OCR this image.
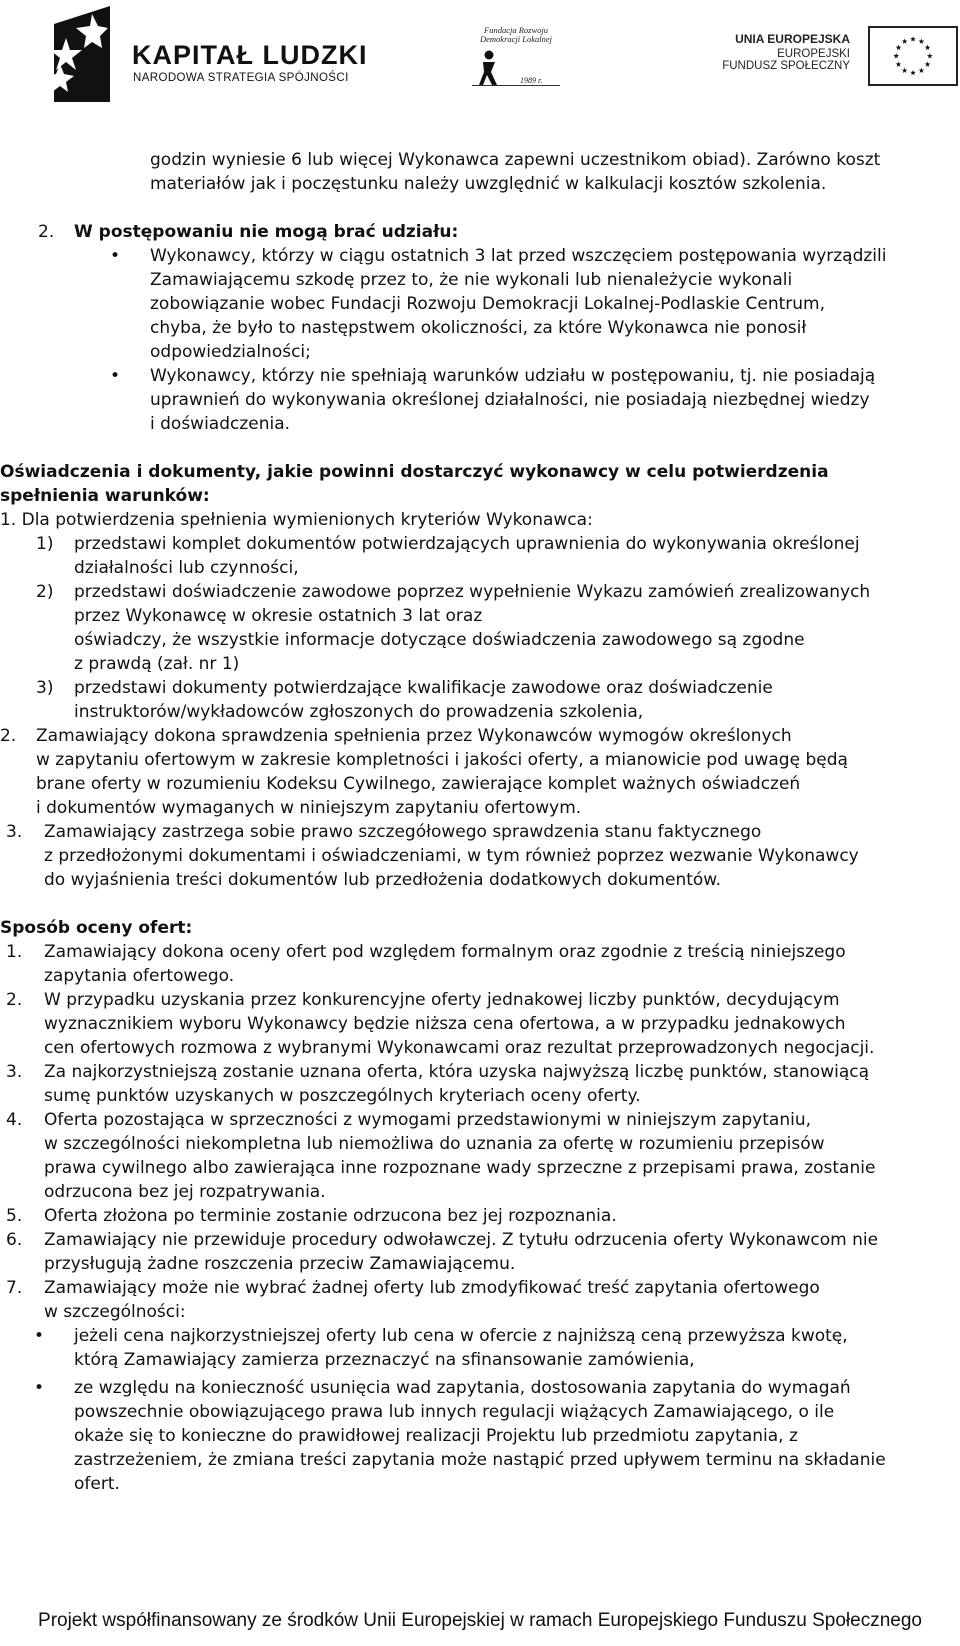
KAPITAŁ LUDZKI
NARODOWA STRATEGIA SPÓJNOŚCI
Fundacja Rozwoju Demokracji Lokalnej
1989 r.
UNIA EUROPEJSKA
EUROPEJSKI
FUNDUSZ SPOŁECZNY
godzin wyniesie 6 lub więcej Wykonawca zapewni uczestnikom obiad). Zarówno koszt
materiałów jak i poczęstunku należy uwzględnić w kalkulacji kosztów szkolenia.
2. W postępowaniu nie mogą brać udziału:
• Wykonawcy, którzy w ciągu ostatnich 3 lat przed wszczęciem postępowania wyrządzili
Zamawiającemu szkodę przez to, że nie wykonali lub nienależycie wykonali
zobowiązanie wobec Fundacji Rozwoju Demokracji Lokalnej-Podlaskie Centrum,
chyba, że było to następstwem okoliczności, za które Wykonawca nie ponosił
odpowiedzialności;
• Wykonawcy, którzy nie spełniają warunków udziału w postępowaniu, tj. nie posiadają
uprawnień do wykonywania określonej działalności, nie posiadają niezbędnej wiedzy
i doświadczenia.
Oświadczenia i dokumenty, jakie powinni dostarczyć wykonawcy w celu potwierdzenia
spełnienia warunków:
1. Dla potwierdzenia spełnienia wymienionych kryteriów Wykonawca:
1) przedstawi komplet dokumentów potwierdzających uprawnienia do wykonywania określonej
działalności lub czynności,
2) przedstawi doświadczenie zawodowe poprzez wypełnienie Wykazu zamówień zrealizowanych
przez Wykonawcę w okresie ostatnich 3 lat oraz
oświadczy, że wszystkie informacje dotyczące doświadczenia zawodowego są zgodne
z prawdą (zał. nr 1)
3) przedstawi dokumenty potwierdzające kwalifikacje zawodowe oraz doświadczenie
instruktorów/wykładowców zgłoszonych do prowadzenia szkolenia,
2. Zamawiający dokona sprawdzenia spełnienia przez Wykonawców wymogów określonych
w zapytaniu ofertowym w zakresie kompletności i jakości oferty, a mianowicie pod uwagę będą
brane oferty w rozumieniu Kodeksu Cywilnego, zawierające komplet ważnych oświadczeń
i dokumentów wymaganych w niniejszym zapytaniu ofertowym.
3. Zamawiający zastrzega sobie prawo szczegółowego sprawdzenia stanu faktycznego
z przedłożonymi dokumentami i oświadczeniami, w tym również poprzez wezwanie Wykonawcy
do wyjaśnienia treści dokumentów lub przedłożenia dodatkowych dokumentów.
Sposób oceny ofert:
1. Zamawiający dokona oceny ofert pod względem formalnym oraz zgodnie z treścią niniejszego
zapytania ofertowego.
2. W przypadku uzyskania przez konkurencyjne oferty jednakowej liczby punktów, decydującym
wyznacznikiem wyboru Wykonawcy będzie niższa cena ofertowa, a w przypadku jednakowych
cen ofertowych rozmowa z wybranymi Wykonawcami oraz rezultat przeprowadzonych negocjacji.
3. Za najkorzystniejszą zostanie uznana oferta, która uzyska najwyższą liczbę punktów, stanowiącą
sumę punktów uzyskanych w poszczególnych kryteriach oceny oferty.
4. Oferta pozostająca w sprzeczności z wymogami przedstawionymi w niniejszym zapytaniu,
w szczególności niekompletna lub niemożliwa do uznania za ofertę w rozumieniu przepisów
prawa cywilnego albo zawierająca inne rozpoznane wady sprzeczne z przepisami prawa, zostanie
odrzucona bez jej rozpatrywania.
5. Oferta złożona po terminie zostanie odrzucona bez jej rozpoznania.
6. Zamawiający nie przewiduje procedury odwoławczej. Z tytułu odrzucenia oferty Wykonawcom nie
przysługują żadne roszczenia przeciw Zamawiającemu.
7. Zamawiający może nie wybrać żadnej oferty lub zmodyfikować treść zapytania ofertowego
w szczególności:
• jeżeli cena najkorzystniejszej oferty lub cena w ofercie z najniższą ceną przewyższa kwotę,
którą Zamawiający zamierza przeznaczyć na sfinansowanie zamówienia,
• ze względu na konieczność usunięcia wad zapytania, dostosowania zapytania do wymagań
powszechnie obowiązującego prawa lub innych regulacji wiążących Zamawiającego, o ile
okaże się to konieczne do prawidłowej realizacji Projektu lub przedmiotu zapytania, z
zastrzeżeniem, że zmiana treści zapytania może nastąpić przed upływem terminu na składanie
ofert.
Projekt współfinansowany ze środków Unii Europejskiej w ramach Europejskiego Funduszu Społecznego
